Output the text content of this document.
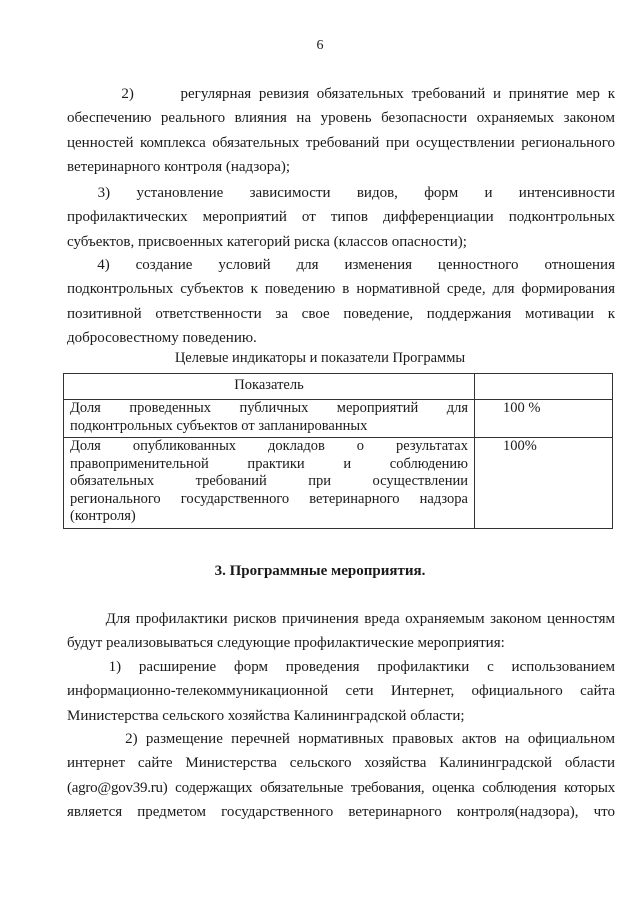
6
2)      регулярная ревизия обязательных требований и принятие мер к
обеспечению реального влияния на уровень безопасности охраняемых законом
ценностей комплекса обязательных требований при осуществлении регионального
ветеринарного контроля (надзора);
3)      установление      зависимости      видов,      форм      и      интенсивности
профилактических мероприятий от типов дифференциации подконтрольных
субъектов, присвоенных категорий риска (классов опасности);
4)      создание      условий      для      изменения      ценностного      отношения
подконтрольных субъектов к поведению в нормативной среде, для формирования
позитивной ответственности за свое поведение, поддержания мотивации к
добросовестному поведению.
Целевые индикаторы и показатели Программы
Показатель	

Доля проведенных публичных мероприятий для
подконтрольных субъектов от запланированных	100 %

Доля опубликованных докладов о результатах
правоприменительной практики и соблюдению
обязательных требований при осуществлении
регионального государственного ветеринарного надзора
(контроля)	100%
3. Программные мероприятия.
Для профилактики рисков причинения вреда охраняемым законом ценностям
будут реализовываться следующие профилактические мероприятия:
1)   расширение   форм   проведения   профилактики   с   использованием
информационно-телекоммуникационной сети Интернет, официального сайта
Министерства сельского хозяйства Калининградской области;
2) размещение перечней нормативных правовых актов на официальном
интернет сайте Министерства сельского хозяйства Калининградской области
(agro@gov39.ru) содержащих обязательные требования, оценка соблюдения которых
является предметом государственного ветеринарного контроля(надзора), что
